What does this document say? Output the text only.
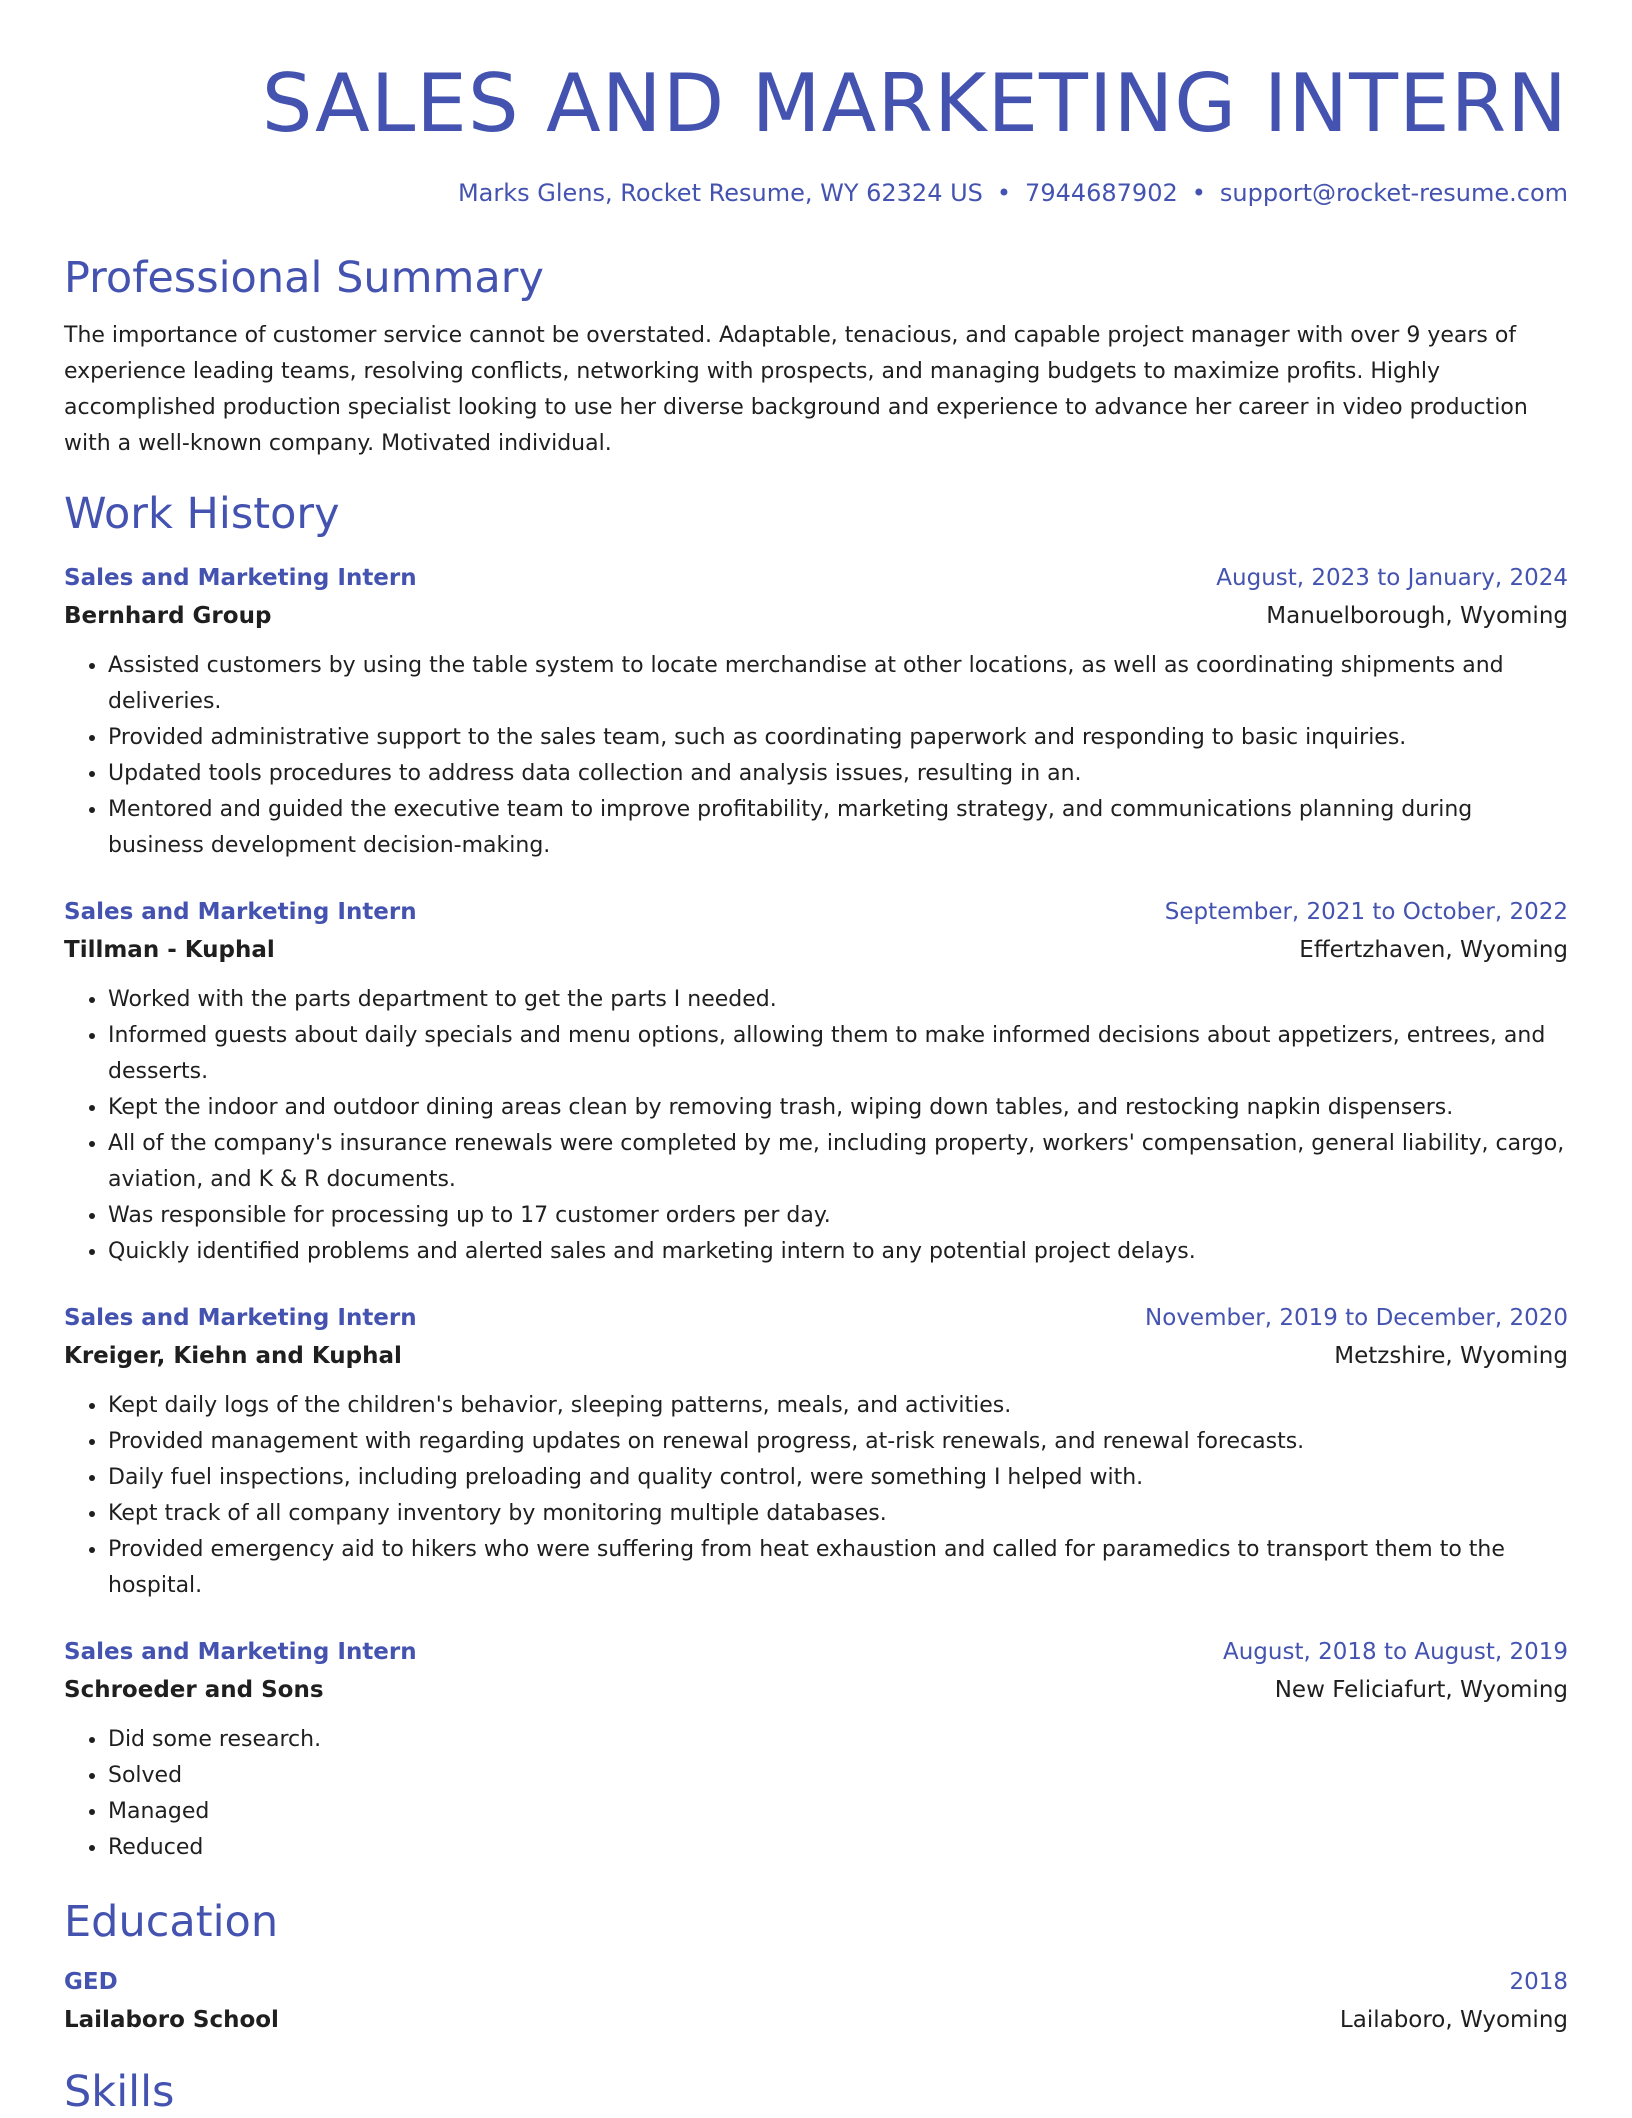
SALES AND MARKETING INTERN
Marks Glens, Rocket Resume, WY 62324 US • 7944687902 • support@rocket-resume.com
Professional Summary
The importance of customer service cannot be overstated. Adaptable, tenacious, and capable project manager with over 9 years of experience leading teams, resolving conflicts, networking with prospects, and managing budgets to maximize profits. Highly accomplished production specialist looking to use her diverse background and experience to advance her career in video production with a well-known company. Motivated individual.
Work History
Sales and Marketing Intern	August, 2023 to January, 2024
Bernhard Group	Manuelborough, Wyoming
• Assisted customers by using the table system to locate merchandise at other locations, as well as coordinating shipments and deliveries.
• Provided administrative support to the sales team, such as coordinating paperwork and responding to basic inquiries.
• Updated tools procedures to address data collection and analysis issues, resulting in an.
• Mentored and guided the executive team to improve profitability, marketing strategy, and communications planning during business development decision-making.
Sales and Marketing Intern	September, 2021 to October, 2022
Tillman - Kuphal	Effertzhaven, Wyoming
• Worked with the parts department to get the parts I needed.
• Informed guests about daily specials and menu options, allowing them to make informed decisions about appetizers, entrees, and desserts.
• Kept the indoor and outdoor dining areas clean by removing trash, wiping down tables, and restocking napkin dispensers.
• All of the company's insurance renewals were completed by me, including property, workers' compensation, general liability, cargo, aviation, and K & R documents.
• Was responsible for processing up to 17 customer orders per day.
• Quickly identified problems and alerted sales and marketing intern to any potential project delays.
Sales and Marketing Intern	November, 2019 to December, 2020
Kreiger, Kiehn and Kuphal	Metzshire, Wyoming
• Kept daily logs of the children's behavior, sleeping patterns, meals, and activities.
• Provided management with regarding updates on renewal progress, at-risk renewals, and renewal forecasts.
• Daily fuel inspections, including preloading and quality control, were something I helped with.
• Kept track of all company inventory by monitoring multiple databases.
• Provided emergency aid to hikers who were suffering from heat exhaustion and called for paramedics to transport them to the hospital.
Sales and Marketing Intern	August, 2018 to August, 2019
Schroeder and Sons	New Feliciafurt, Wyoming
• Did some research.
• Solved
• Managed
• Reduced
Education
GED	2018
Lailaboro School	Lailaboro, Wyoming
Skills
